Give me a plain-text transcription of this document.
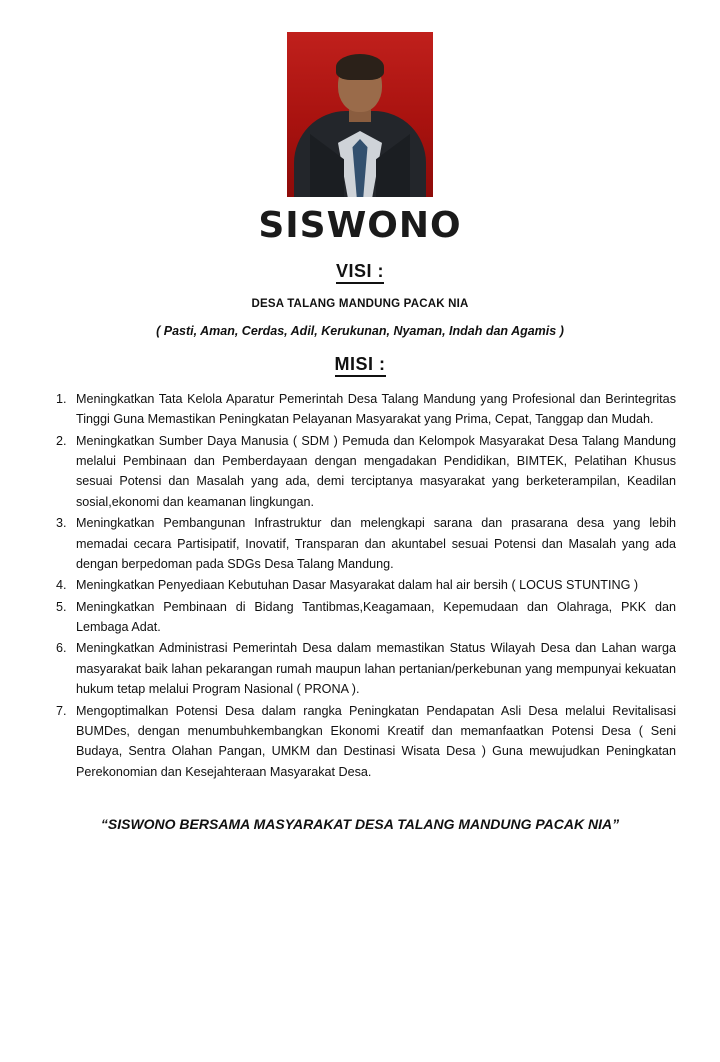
SISWONO
VISI :
DESA TALANG MANDUNG PACAK NIA
( Pasti, Aman, Cerdas, Adil, Kerukunan, Nyaman, Indah dan Agamis )
MISI :
1. Meningkatkan Tata Kelola Aparatur Pemerintah Desa Talang Mandung yang Profesional dan Berintegritas Tinggi Guna Memastikan Peningkatan Pelayanan Masyarakat yang Prima, Cepat, Tanggap dan Mudah.
2. Meningkatkan Sumber Daya Manusia ( SDM ) Pemuda dan Kelompok Masyarakat Desa Talang Mandung melalui Pembinaan dan Pemberdayaan dengan mengadakan Pendidikan, BIMTEK, Pelatihan Khusus sesuai Potensi dan Masalah yang ada, demi terciptanya masyarakat yang berketerampilan, Keadilan sosial,ekonomi dan keamanan lingkungan.
3. Meningkatkan Pembangunan Infrastruktur dan melengkapi sarana dan prasarana desa yang lebih memadai cecara Partisipatif, Inovatif, Transparan dan akuntabel sesuai Potensi dan Masalah yang ada dengan berpedoman pada SDGs Desa Talang Mandung.
4. Meningkatkan Penyediaan Kebutuhan Dasar Masyarakat dalam hal air bersih ( LOCUS STUNTING )
5. Meningkatkan Pembinaan di Bidang Tantibmas,Keagamaan, Kepemudaan dan Olahraga, PKK dan Lembaga Adat.
6. Meningkatkan Administrasi Pemerintah Desa dalam memastikan Status Wilayah Desa dan Lahan warga masyarakat baik lahan pekarangan rumah maupun lahan pertanian/perkebunan yang mempunyai kekuatan hukum tetap melalui Program Nasional ( PRONA ).
7. Mengoptimalkan Potensi Desa dalam rangka Peningkatan Pendapatan Asli Desa melalui Revitalisasi BUMDes, dengan menumbuhkembangkan Ekonomi Kreatif dan memanfaatkan Potensi Desa ( Seni Budaya, Sentra Olahan Pangan, UMKM dan Destinasi Wisata Desa ) Guna mewujudkan Peningkatan Perekonomian dan Kesejahteraan Masyarakat Desa.
“SISWONO BERSAMA MASYARAKAT DESA TALANG MANDUNG PACAK NIA”
